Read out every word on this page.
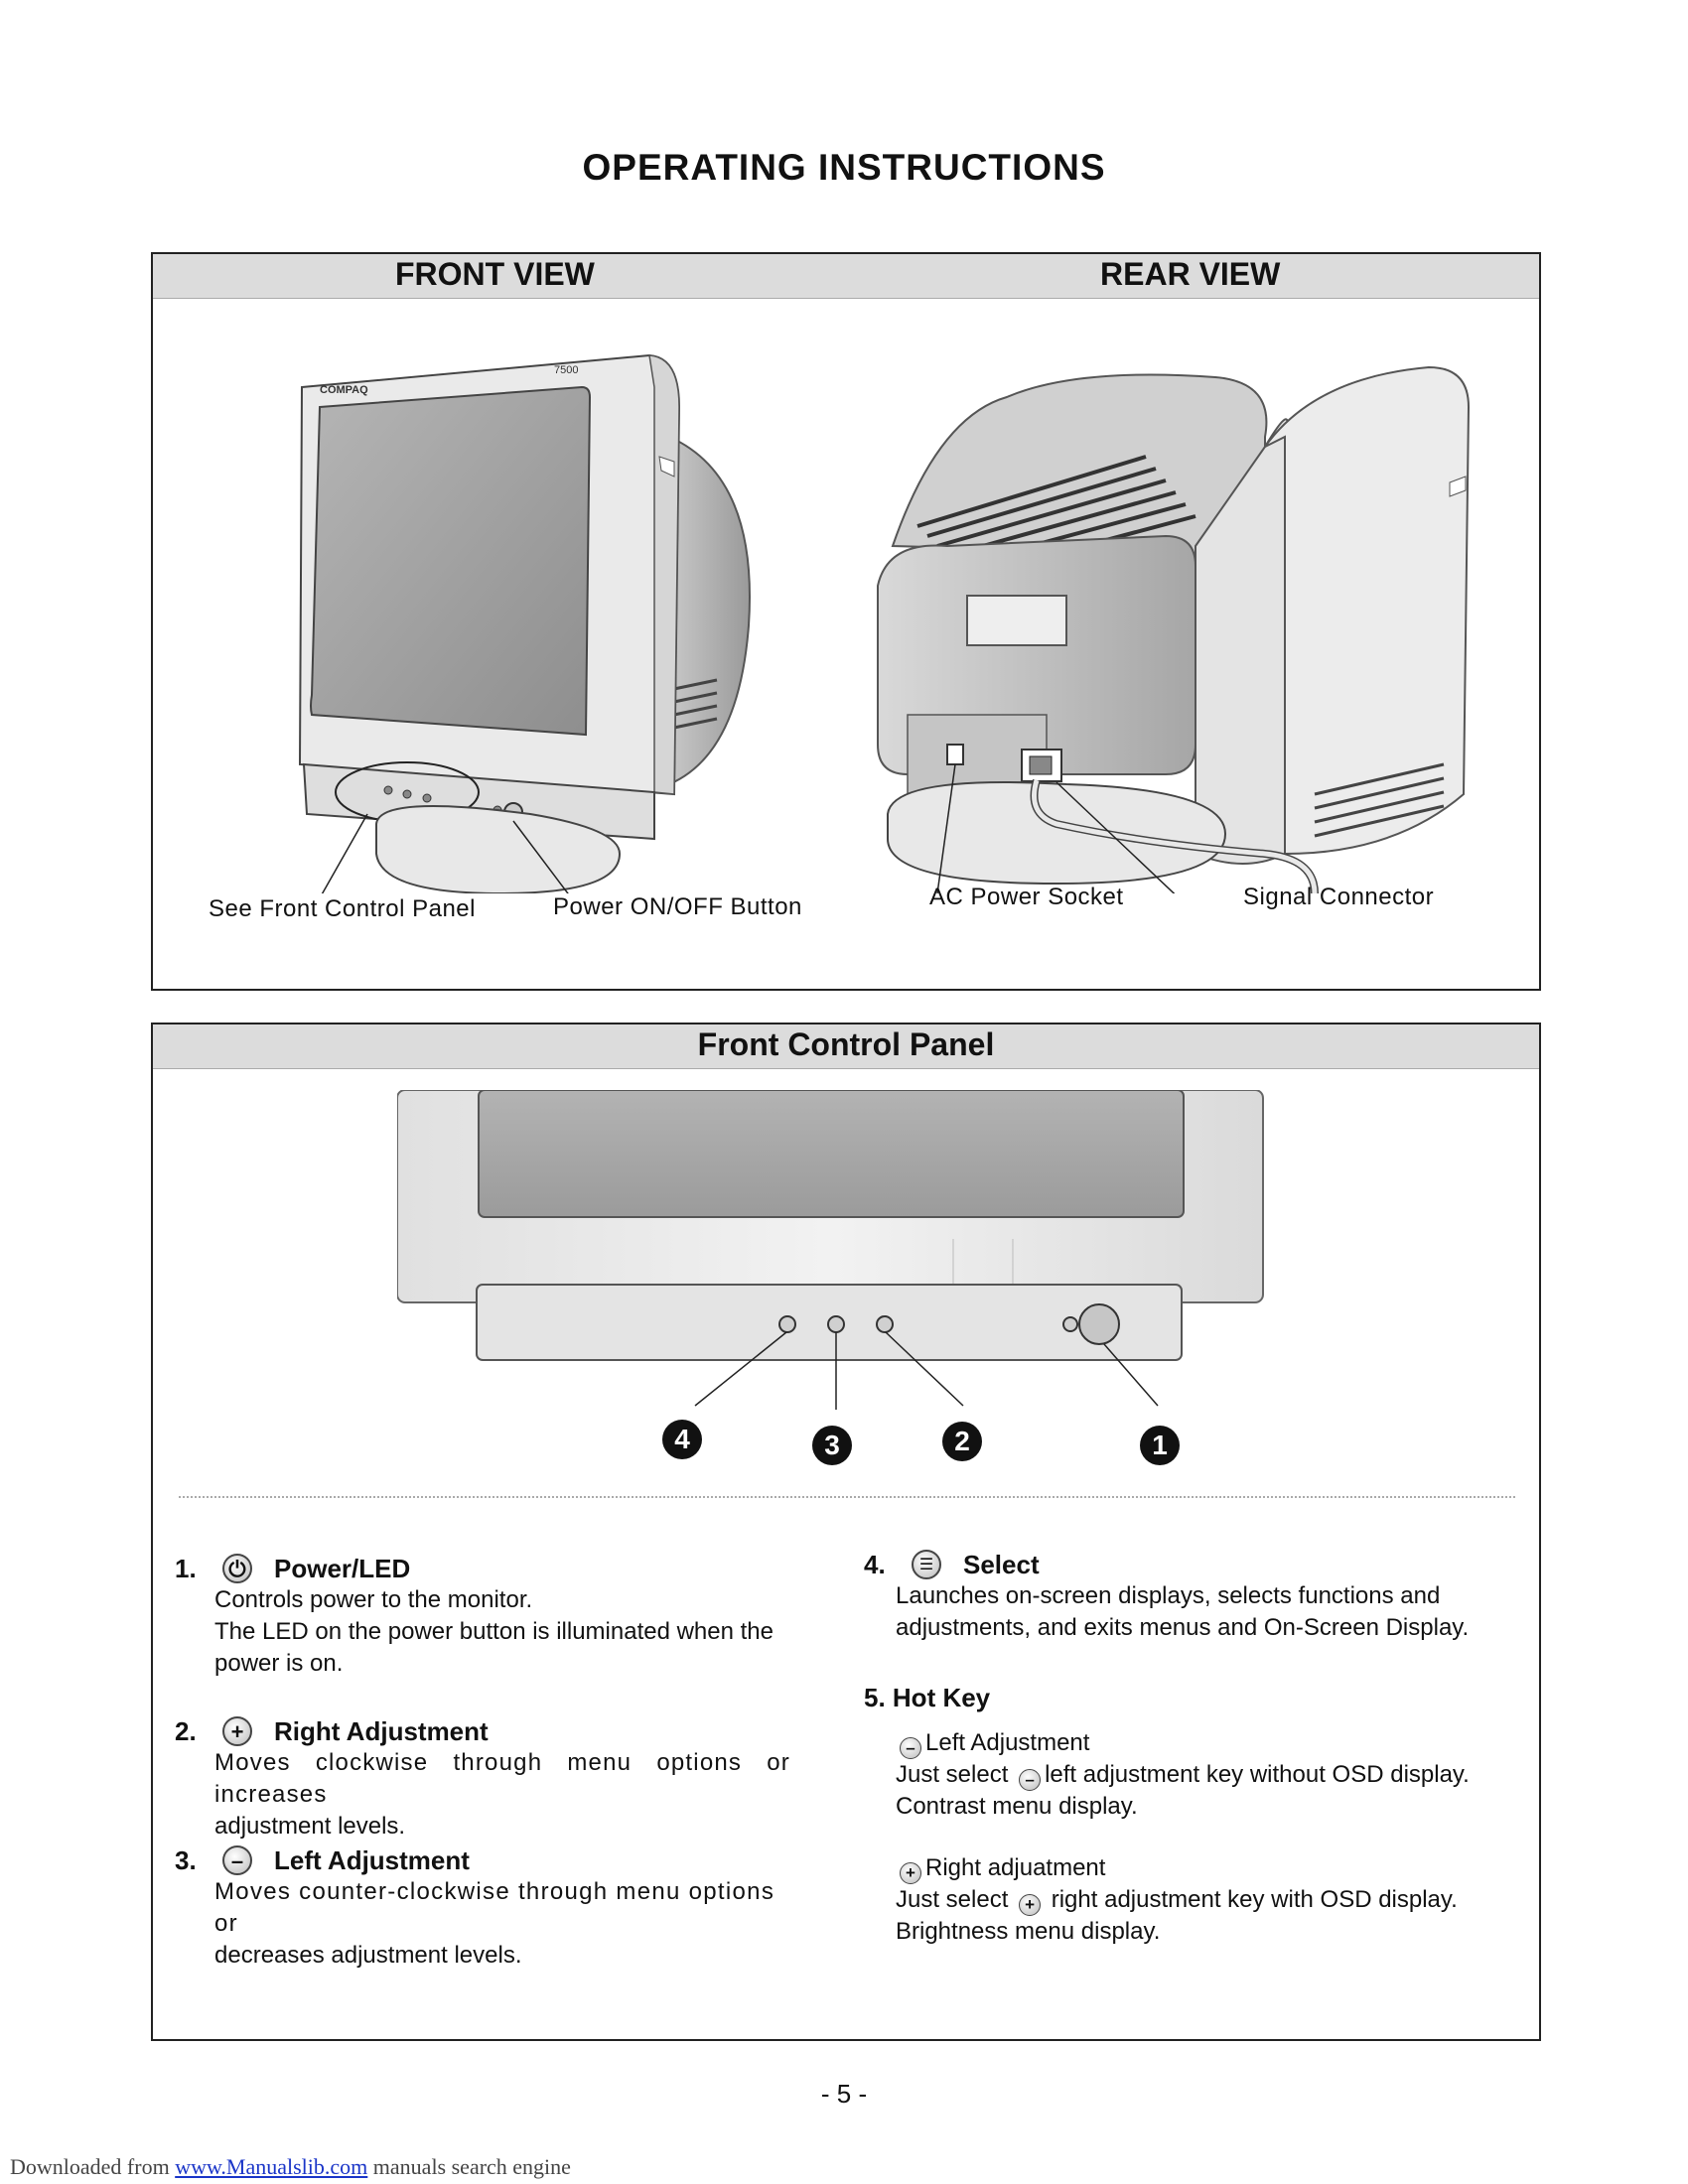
OPERATING INSTRUCTIONS
FRONT VIEW	REAR VIEW
COMPAQ
7500
See Front Control Panel	Power ON/OFF Button	AC Power Socket	Signal Connector
Front Control Panel
4	3	2	1
1.	⏻ Power/LED
Controls power to the monitor.
The LED on the power button is illuminated when the
power is on.
2.	+	Right Adjustment
Moves clockwise through menu options or increases
adjustment levels.
3.	–	Left Adjustment
Moves counter-clockwise through menu options or
decreases adjustment levels.
4.	☰	Select
Launches on-screen displays, selects functions and
adjustments, and exits menus and On-Screen Display.
5. Hot Key
– Left Adjustment
Just select – left adjustment key without OSD display.
Contrast menu display.
+ Right adjuatment
Just select + right adjustment key with OSD display.
Brightness menu display.
- 5 -
Downloaded from www.Manualslib.com manuals search engine
